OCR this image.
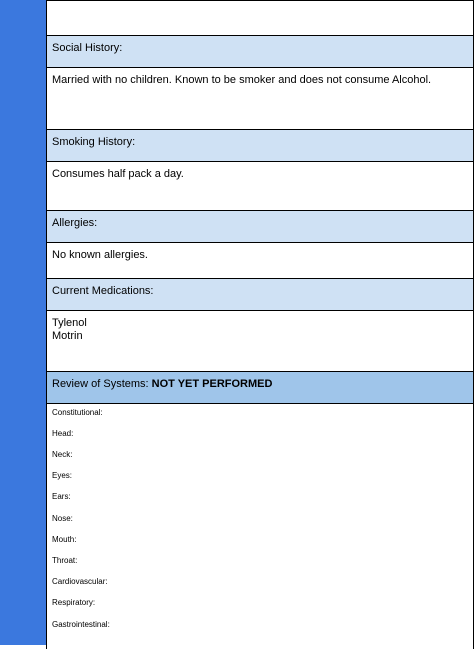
Social History:
Married with no children. Known to be smoker and does not consume Alcohol.
Smoking History:
Consumes half pack a day.
Allergies:
No known allergies.
Current Medications:
Tylenol
Motrin
Review of Systems: NOT YET PERFORMED
Constitutional:
Head:
Neck:
Eyes:
Ears:
Nose:
Mouth:
Throat:
Cardiovascular:
Respiratory:
Gastrointestinal:
